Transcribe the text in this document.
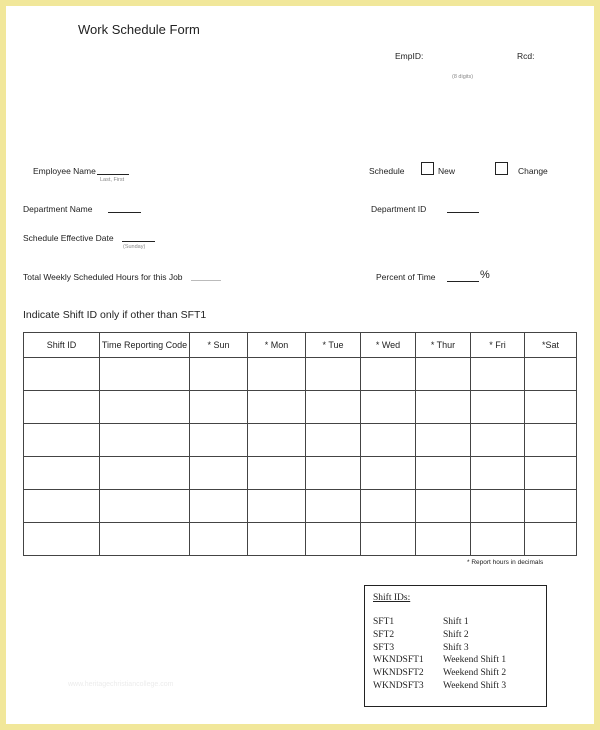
Work Schedule Form
EmpID:
(8 digits)
Rcd:
Employee Name
Last, First
Schedule	New	Change
Department Name	Department ID
Schedule Effective Date
(Sunday)
Total Weekly Scheduled Hours for this Job	Percent of Time	%
Indicate Shift ID only if other than SFT1
Shift ID	Time Reporting Code	* Sun	* Mon	* Tue	* Wed	* Thur	* Fri	*Sat

* Report hours in decimals
Shift IDs:
SFT1	Shift 1
SFT2	Shift 2
SFT3	Shift 3
WKNDSFT1 Weekend Shift 1
WKNDSFT2 Weekend Shift 2
WKNDSFT3 Weekend Shift 3
www.heritagechristiancollege.com
